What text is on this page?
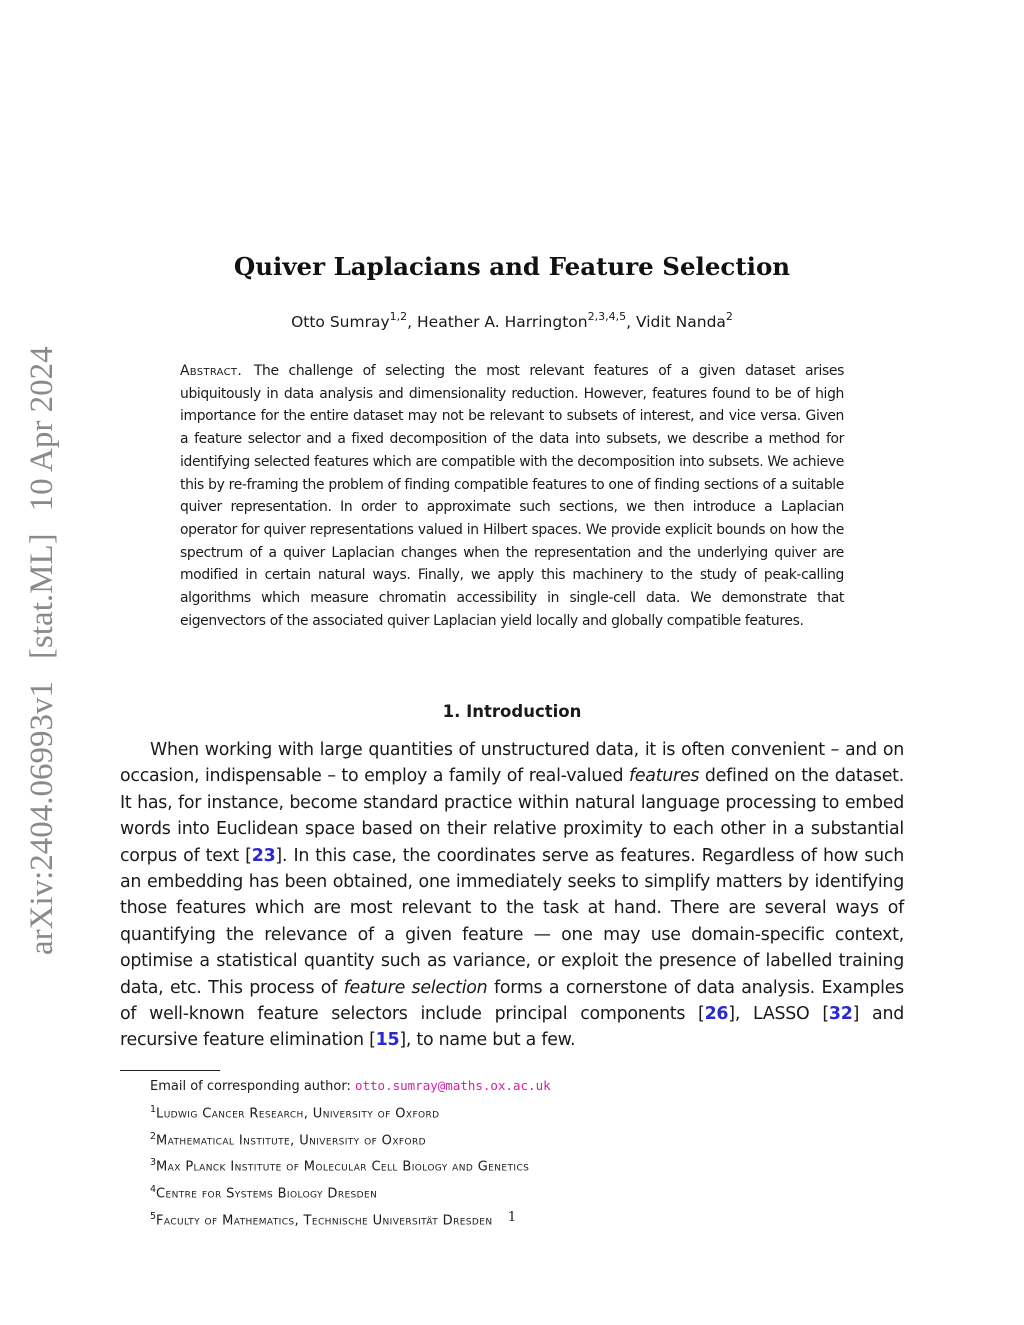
arXiv:2404.06993v1
[stat.ML]
10 Apr 2024
Quiver Laplacians and Feature Selection
Otto Sumray$^{1,2}$, Heather A. Harrington$^{2,3,4,5}$, Vidit Nanda$^2$
Abstract. The challenge of selecting the most relevant features of a given dataset arises ubiquitously in data analysis and dimensionality reduction. However, features found to be of high importance for the entire dataset may not be relevant to subsets of interest, and vice versa. Given a feature selector and a fixed decomposition of the data into subsets, we describe a method for identifying selected features which are compatible with the decomposition into subsets. We achieve this by re-framing the problem of finding compatible features to one of finding sections of a suitable quiver representation. In order to approximate such sections, we then introduce a Laplacian operator for quiver representations valued in Hilbert spaces. We provide explicit bounds on how the spectrum of a quiver Laplacian changes when the representation and the underlying quiver are modified in certain natural ways. Finally, we apply this machinery to the study of peak-calling algorithms which measure chromatin accessibility in single-cell data. We demonstrate that eigenvectors of the associated quiver Laplacian yield locally and globally compatible features.
1. Introduction
When working with large quantities of unstructured data, it is often convenient – and on occasion, indispensable – to employ a family of real-valued features defined on the dataset. It has, for instance, become standard practice within natural language processing to embed words into Euclidean space based on their relative proximity to each other in a substantial corpus of text [23]. In this case, the coordinates serve as features. Regardless of how such an embedding has been obtained, one immediately seeks to simplify matters by identifying those features which are most relevant to the task at hand. There are several ways of quantifying the relevance of a given feature — one may use domain-specific context, optimise a statistical quantity such as variance, or exploit the presence of labelled training data, etc. This process of feature selection forms a cornerstone of data analysis. Examples of well-known feature selectors include principal components [26], LASSO [32] and recursive feature elimination [15], to name but a few.
Email of corresponding author: otto.sumray@maths.ox.ac.uk
$^1$Ludwig Cancer Research, University of Oxford
$^2$Mathematical Institute, University of Oxford
$^3$Max Planck Institute of Molecular Cell Biology and Genetics
$^4$Centre for Systems Biology Dresden
$^5$Faculty of Mathematics, Technische Universität Dresden	1
